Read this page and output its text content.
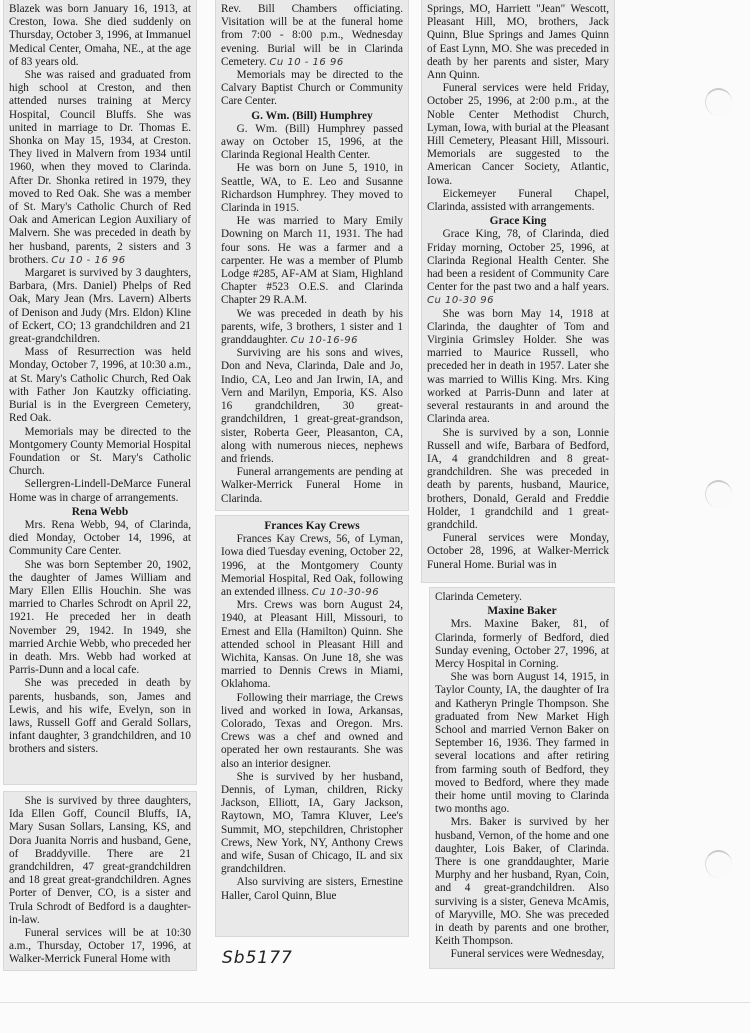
Blazek was born January 16, 1913, at Creston, Iowa. She died suddenly on Thursday, October 3, 1996, at Immanuel Medical Center, Omaha, NE., at the age of 83 years old.

She was raised and graduated from high school at Creston, and then attended nurses training at Mercy Hospital, Council Bluffs. She was united in marriage to Dr. Thomas E. Shonka on May 15, 1934, at Creston. They lived in Malvern from 1934 until 1960, when they moved to Clarinda. After Dr. Shonka retired in 1979, they moved to Red Oak. She was a member of St. Mary's Catholic Church of Red Oak and American Legion Auxiliary of Malvern. She was preceded in death by her husband, parents, 2 sisters and 3 brothers. Cu 10 - 16 96

Margaret is survived by 3 daughters, Barbara, (Mrs. Daniel) Phelps of Red Oak, Mary Jean (Mrs. Lavern) Alberts of Denison and Judy (Mrs. Eldon) Kline of Eckert, CO; 13 grandchildren and 21 great-grandchildren.

Mass of Resurrection was held Monday, October 7, 1996, at 10:30 a.m., at St. Mary's Catholic Church, Red Oak with Father Jon Kautzky officiating. Burial is in the Evergreen Cemetery, Red Oak.

Memorials may be directed to the Montgomery County Memorial Hospital Foundation or St. Mary's Catholic Church.

Sellergren-Lindell-DeMarce Funeral Home was in charge of arrangements.

Rena Webb

Mrs. Rena Webb, 94, of Clarinda, died Monday, October 14, 1996, at Community Care Center.

She was born September 20, 1902, the daughter of James William and Mary Ellen Ellis Houchin. She was married to Charles Schrodt on April 22, 1921. He preceded her in death November 29, 1942. In 1949, she married Archie Webb, who preceded her in death. Mrs. Webb had worked at Parris-Dunn and a local cafe.

She was preceded in death by parents, husbands, son, James and Lewis, and his wife, Evelyn, son in laws, Russell Goff and Gerald Sollars, infant daughter, 3 grandchildren, and 10 brothers and sisters.

She is survived by three daughters, Ida Ellen Goff, Council Bluffs, IA, Mary Susan Sollars, Lansing, KS, and Dora Juanita Norris and husband, Gene, of Braddyville. There are 21 grandchildren, 47 great-grandchildren and 18 great great-grandchildren. Agnes Porter of Denver, CO, is a sister and Trula Schrodt of Bedford is a daughter-in-law.

Funeral services will be at 10:30 a.m., Thursday, October 17, 1996, at Walker-Merrick Funeral Home with

Rev. Bill Chambers officiating. Visitation will be at the funeral home from 7:00 - 8:00 p.m., Wednesday evening. Burial will be in Clarinda Cemetery. Cu 10 - 16 96

Memorials may be directed to the Calvary Baptist Church or Community Care Center.

G. Wm. (Bill) Humphrey

G. Wm. (Bill) Humphrey passed away on October 15, 1996, at the Clarinda Regional Health Center.

He was born on June 5, 1910, in Seattle, WA, to E. Leo and Susanne Richardson Humphrey. They moved to Clarinda in 1915.

He was married to Mary Emily Downing on March 11, 1931. The had four sons. He was a farmer and a carpenter. He was a member of Plumb Lodge #285, AF-AM at Siam, Highland Chapter #523 O.E.S. and Clarinda Chapter 29 R.A.M.

We was preceded in death by his parents, wife, 3 brothers, 1 sister and 1 granddaughter. Cu 10-16-96

Surviving are his sons and wives, Don and Neva, Clarinda, Dale and Jo, Indio, CA, Leo and Jan Irwin, IA, and Vern and Marilyn, Emporia, KS. Also 16 grandchildren, 30 great-grandchildren, 1 great-great-grandson, sister, Roberta Geer, Pleasanton, CA, along with numerous nieces, nephews and friends.

Funeral arrangements are pending at Walker-Merrick Funeral Home in Clarinda.

Frances Kay Crews

Frances Kay Crews, 56, of Lyman, Iowa died Tuesday evening, October 22, 1996, at the Montgomery County Memorial Hospital, Red Oak, following an extended illness. Cu 10-30-96

Mrs. Crews was born August 24, 1940, at Pleasant Hill, Missouri, to Ernest and Ella (Hamilton) Quinn. She attended school in Pleasant Hill and Wichita, Kansas. On June 18, she was married to Dennis Crews in Miami, Oklahoma.

Following their marriage, the Crews lived and worked in Iowa, Arkansas, Colorado, Texas and Oregon. Mrs. Crews was a chef and owned and operated her own restaurants. She was also an interior designer.

She is survived by her husband, Dennis, of Lyman, children, Ricky Jackson, Elliott, IA, Gary Jackson, Raytown, MO, Tamra Kluver, Lee's Summit, MO, stepchildren, Christopher Crews, New York, NY, Anthony Crews and wife, Susan of Chicago, IL and six grandchildren.

Also surviving are sisters, Ernestine Haller, Carol Quinn, Blue

Springs, MO, Harriett "Jean" Wescott, Pleasant Hill, MO, brothers, Jack Quinn, Blue Springs and James Quinn of East Lynn, MO. She was preceded in death by her parents and sister, Mary Ann Quinn.

Funeral services were held Friday, October 25, 1996, at 2:00 p.m., at the Noble Center Methodist Church, Lyman, Iowa, with burial at the Pleasant Hill Cemetery, Pleasant Hill, Missouri. Memorials are suggested to the American Cancer Society, Atlantic, Iowa.

Eickemeyer Funeral Chapel, Clarinda, assisted with arrangements.

Grace King

Grace King, 78, of Clarinda, died Friday morning, October 25, 1996, at Clarinda Regional Health Center. She had been a resident of Community Care Center for the past two and a half years. Cu 10-30 96

She was born May 14, 1918 at Clarinda, the daughter of Tom and Virginia Grimsley Holder. She was married to Maurice Russell, who preceded her in death in 1957. Later she was married to Willis King. Mrs. King worked at Parris-Dunn and later at several restaurants in and around the Clarinda area.

She is survived by a son, Lonnie Russell and wife, Barbara of Bedford, IA, 4 grandchildren and 8 great-grandchildren. She was preceded in death by parents, husband, Maurice, brothers, Donald, Gerald and Freddie Holder, 1 grandchild and 1 great-grandchild.

Funeral services were Monday, October 28, 1996, at Walker-Merrick Funeral Home. Burial was in

Clarinda Cemetery.

Maxine Baker

Mrs. Maxine Baker, 81, of Clarinda, formerly of Bedford, died Sunday evening, October 27, 1996, at Mercy Hospital in Corning.

She was born August 14, 1915, in Taylor County, IA, the daughter of Ira and Katheryn Pringle Thompson. She graduated from New Market High School and married Vernon Baker on September 16, 1936. They farmed in several locations and after retiring from farming south of Bedford, they moved to Bedford, where they made their home until moving to Clarinda two months ago.

Mrs. Baker is survived by her husband, Vernon, of the home and one daughter, Lois Baker, of Clarinda. There is one granddaughter, Marie Murphy and her husband, Ryan, Coin, and 4 great-grandchildren. Also surviving is a sister, Geneva McAmis, of Maryville, MO. She was preceded in death by parents and one brother, Keith Thompson.

Funeral services were Wednesday,

Sb5177
